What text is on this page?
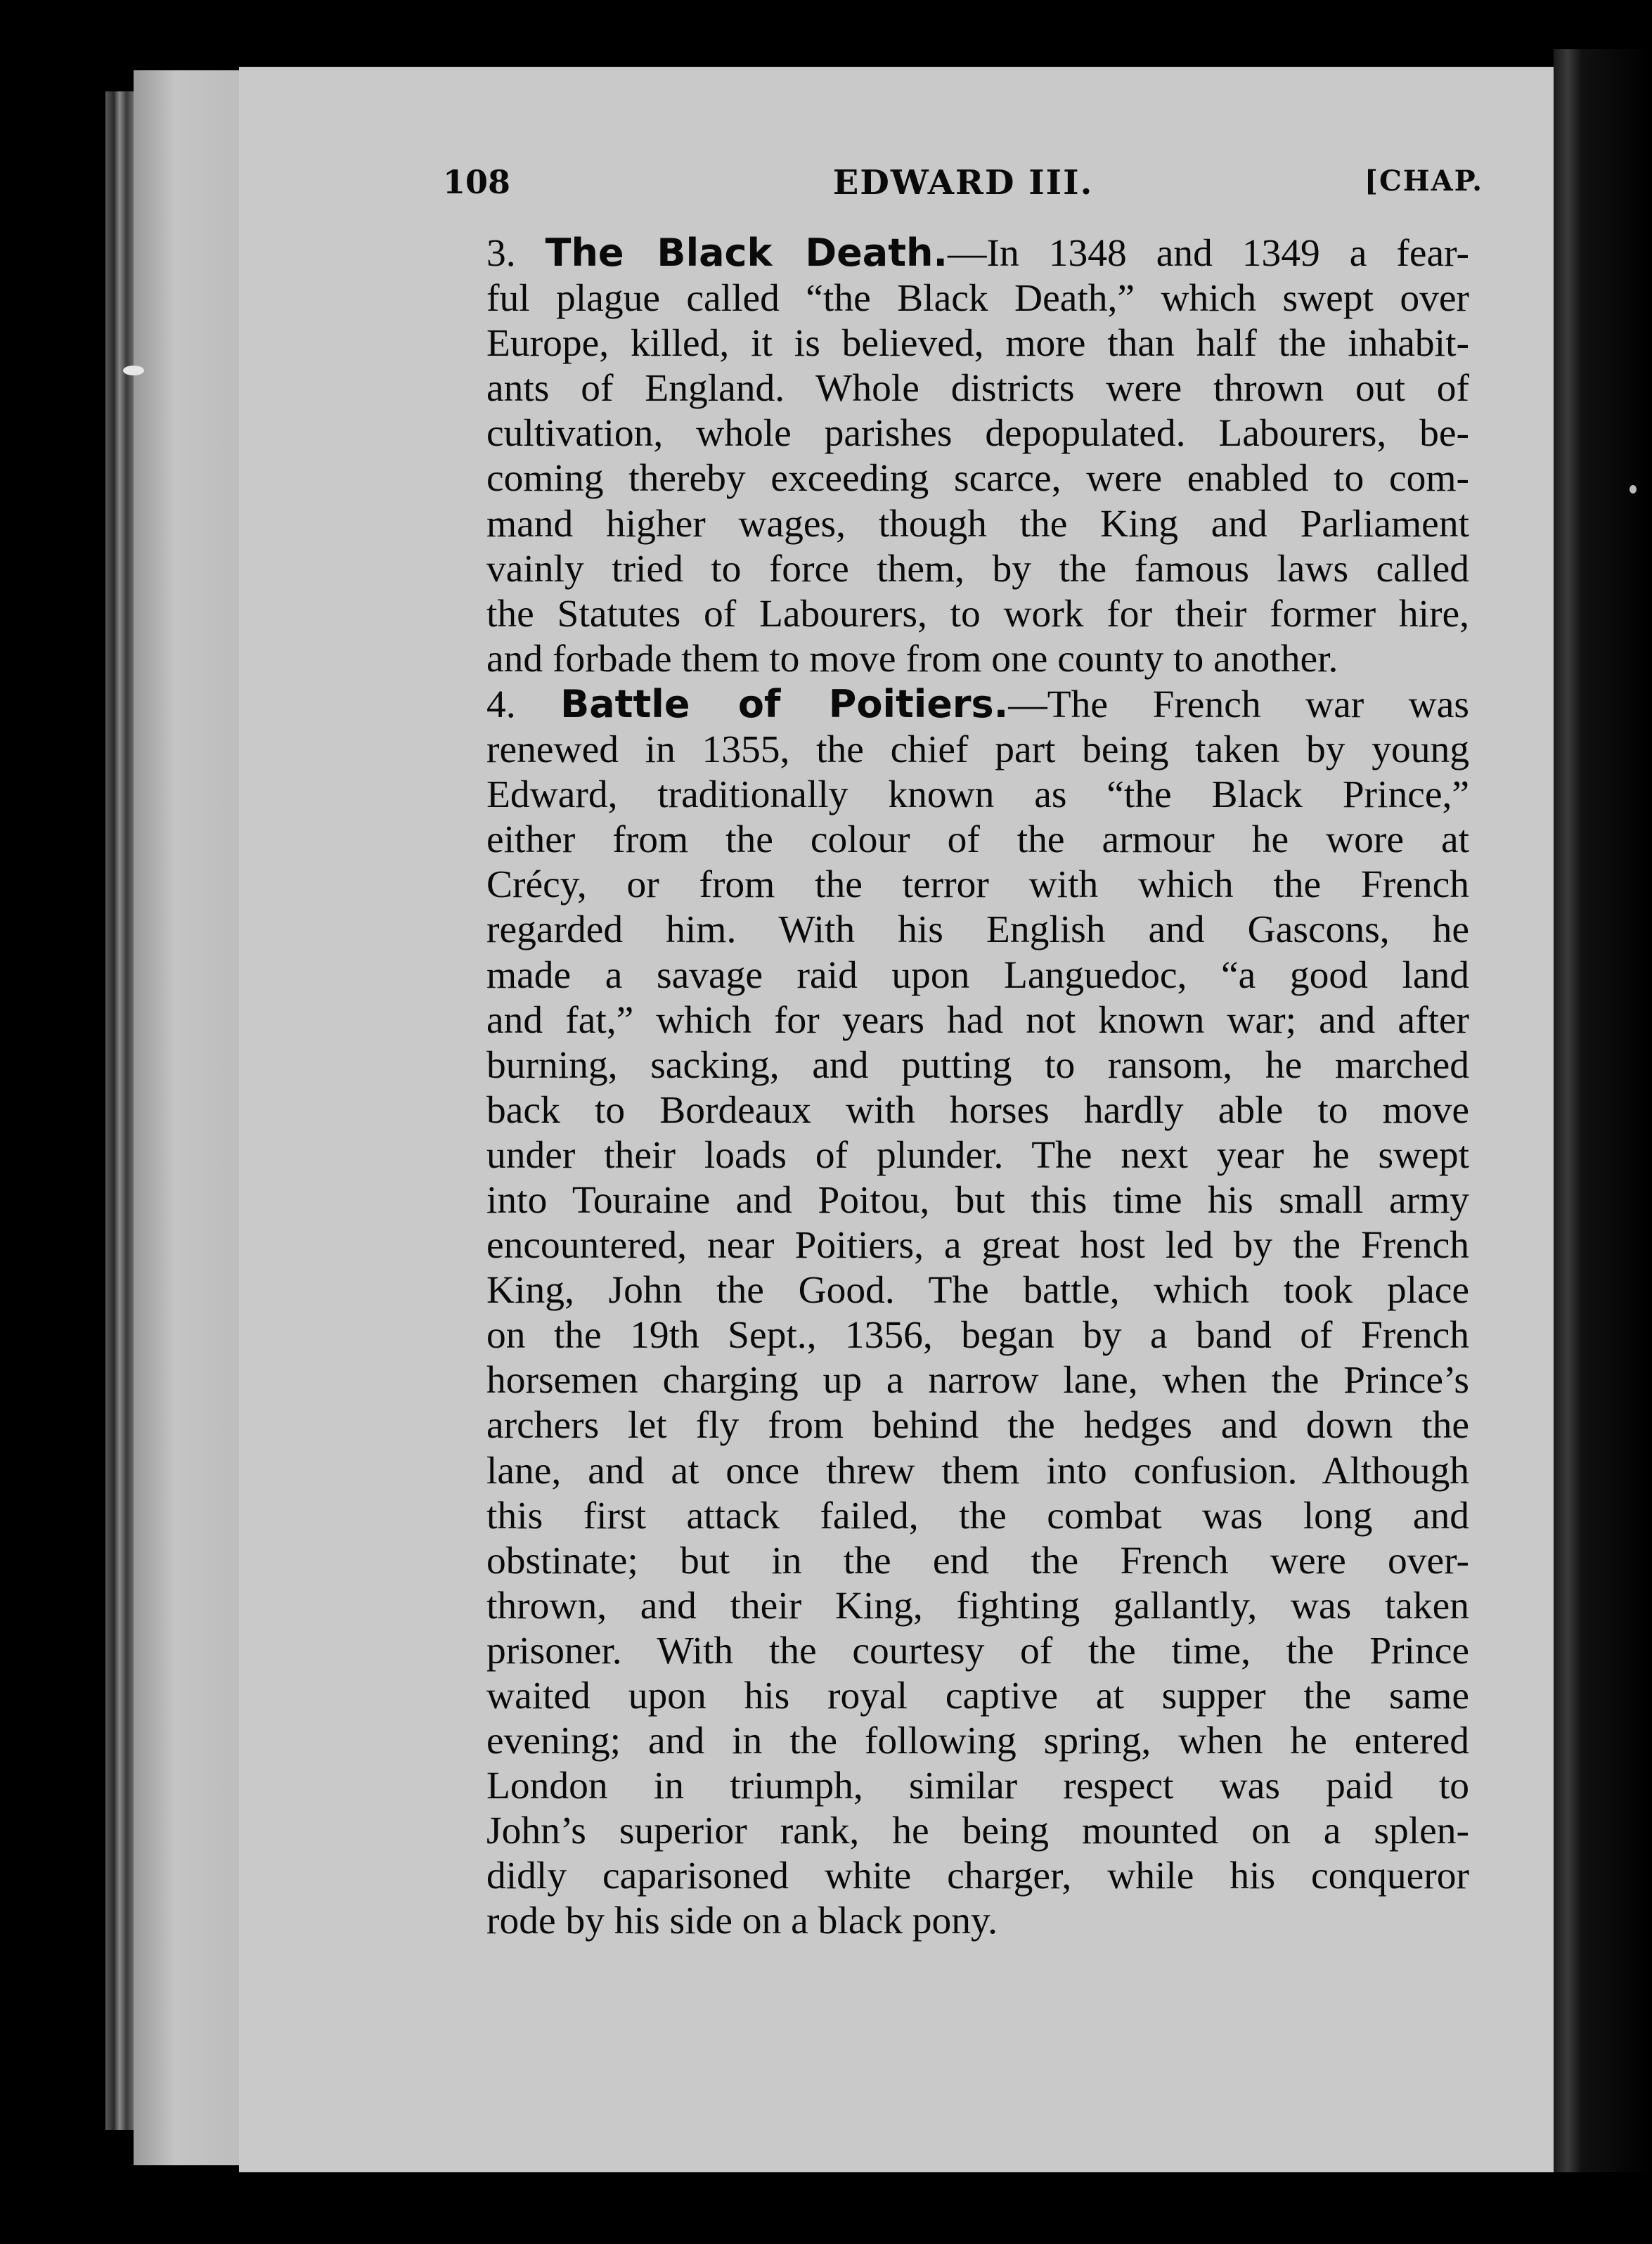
108	EDWARD III.	[CHAP.
3. The Black Death.—In 1348 and 1349 a fear-
ful plague called “the Black Death,” which swept over
Europe, killed, it is believed, more than half the inhabit-
ants of England. Whole districts were thrown out of
cultivation, whole parishes depopulated. Labourers, be-
coming thereby exceeding scarce, were enabled to com-
mand higher wages, though the King and Parliament
vainly tried to force them, by the famous laws called
the Statutes of Labourers, to work for their former hire,
and forbade them to move from one county to another.
4. Battle of Poitiers.—The French war was
renewed in 1355, the chief part being taken by young
Edward, traditionally known as “the Black Prince,”
either from the colour of the armour he wore at
Crécy, or from the terror with which the French
regarded him. With his English and Gascons, he
made a savage raid upon Languedoc, “a good land
and fat,” which for years had not known war; and after
burning, sacking, and putting to ransom, he marched
back to Bordeaux with horses hardly able to move
under their loads of plunder. The next year he swept
into Touraine and Poitou, but this time his small army
encountered, near Poitiers, a great host led by the French
King, John the Good. The battle, which took place
on the 19th Sept., 1356, began by a band of French
horsemen charging up a narrow lane, when the Prince’s
archers let fly from behind the hedges and down the
lane, and at once threw them into confusion. Although
this first attack failed, the combat was long and
obstinate; but in the end the French were over-
thrown, and their King, fighting gallantly, was taken
prisoner. With the courtesy of the time, the Prince
waited upon his royal captive at supper the same
evening; and in the following spring, when he entered
London in triumph, similar respect was paid to
John’s superior rank, he being mounted on a splen-
didly caparisoned white charger, while his conqueror
rode by his side on a black pony.
